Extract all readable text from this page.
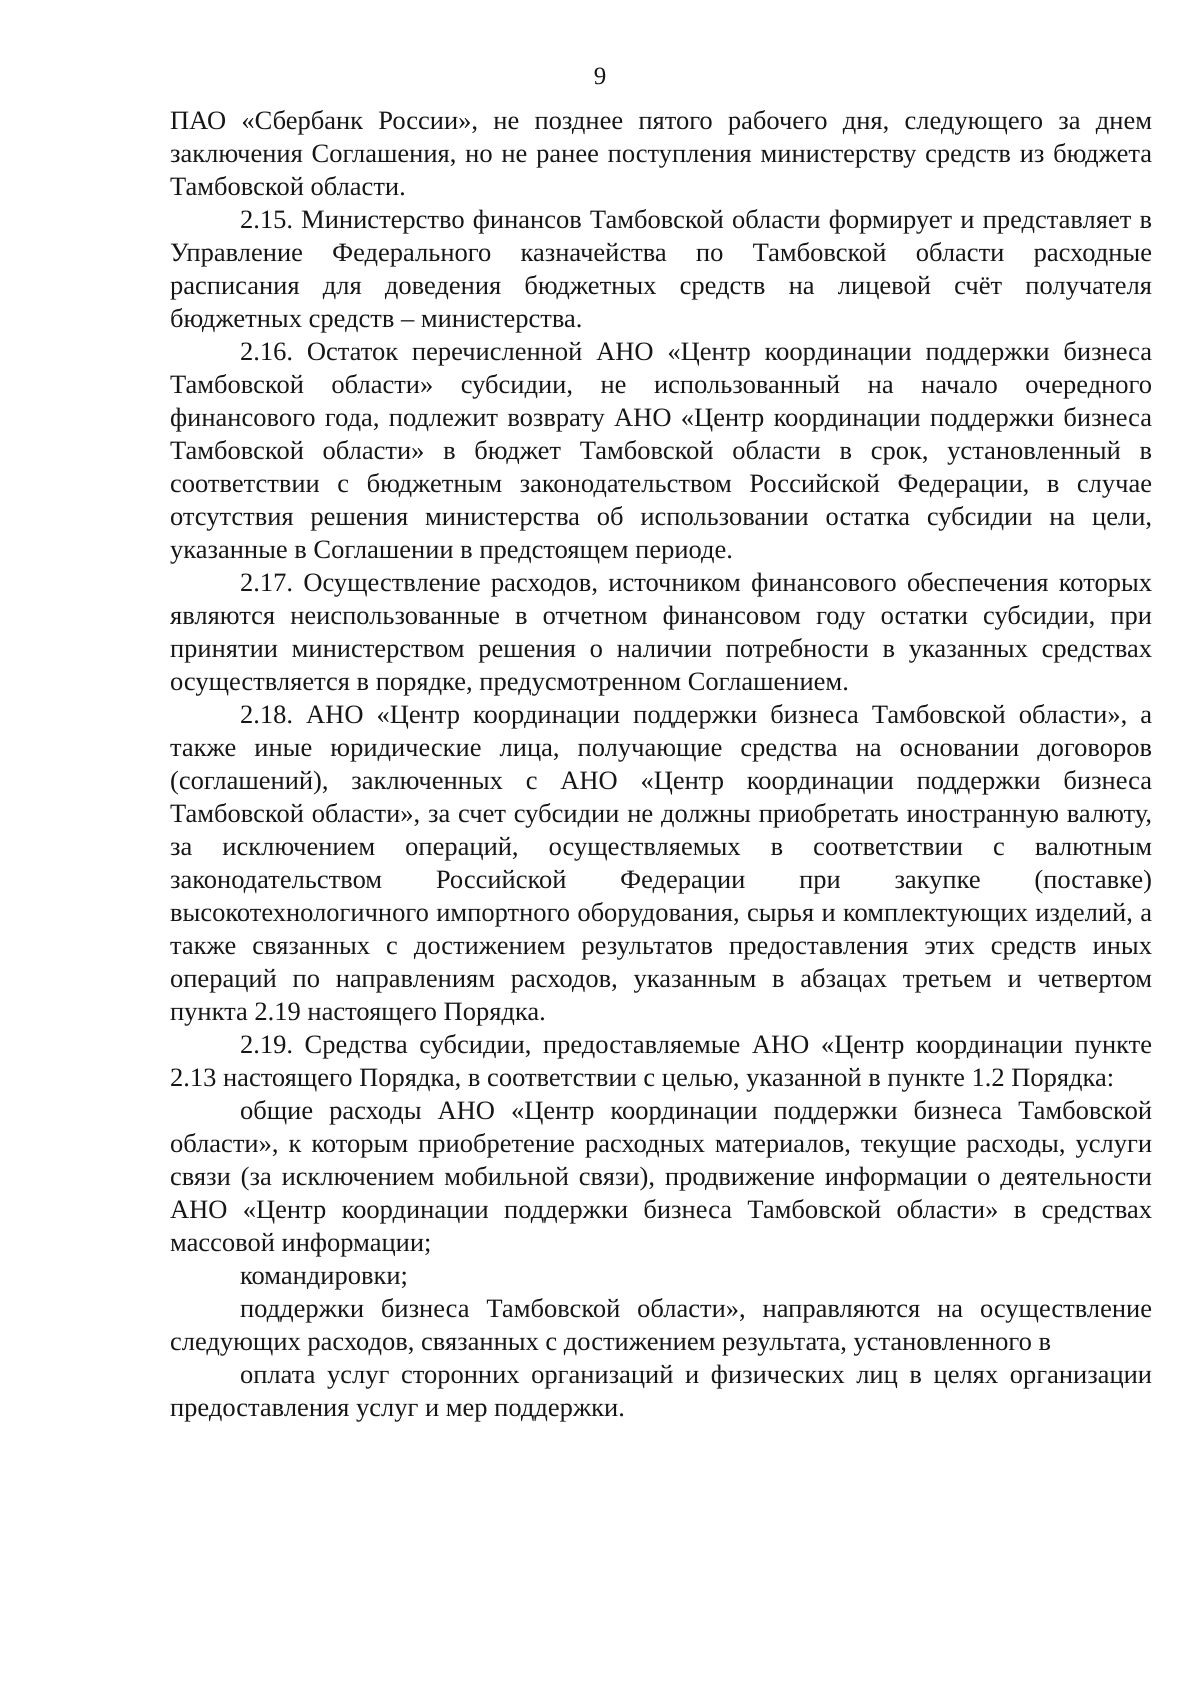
9

ПАО «Сбербанк России», не позднее пятого рабочего дня, следующего за днем заключения Соглашения, но не ранее поступления министерству средств из бюджета Тамбовской области.

2.15. Министерство финансов Тамбовской области формирует и представляет в Управление Федерального казначейства по Тамбовской области расходные расписания для доведения бюджетных средств на лицевой счёт получателя бюджетных средств – министерства.

2.16. Остаток перечисленной АНО «Центр координации поддержки бизнеса Тамбовской области» субсидии, не использованный на начало очередного финансового года, подлежит возврату АНО «Центр координации поддержки бизнеса Тамбовской области» в бюджет Тамбовской области в срок, установленный в соответствии с бюджетным законодательством Российской Федерации, в случае отсутствия решения министерства об использовании остатка субсидии на цели, указанные в Соглашении в предстоящем периоде.

2.17. Осуществление расходов, источником финансового обеспечения которых являются неиспользованные в отчетном финансовом году остатки субсидии, при принятии министерством решения о наличии потребности в указанных средствах осуществляется в порядке, предусмотренном Соглашением.

2.18. АНО «Центр координации поддержки бизнеса Тамбовской области», а также иные юридические лица, получающие средства на основании договоров (соглашений), заключенных с АНО «Центр координации поддержки бизнеса Тамбовской области», за счет субсидии не должны приобретать иностранную валюту, за исключением операций, осуществляемых в соответствии с валютным законодательством Российской Федерации при закупке (поставке) высокотехнологичного импортного оборудования, сырья и комплектующих изделий, а также связанных с достижением результатов предоставления этих средств иных операций по направлениям расходов, указанным в абзацах третьем и четвертом пункта 2.19 настоящего Порядка.

2.19. Средства субсидии, предоставляемые АНО «Центр координации пункте 2.13 настоящего Порядка, в соответствии с целью, указанной в пункте 1.2 Порядка:

общие расходы АНО «Центр координации поддержки бизнеса Тамбовской области», к которым приобретение расходных материалов, текущие расходы, услуги связи (за исключением мобильной связи), продвижение информации о деятельности АНО «Центр координации поддержки бизнеса Тамбовской области» в средствах массовой информации;

командировки;

поддержки бизнеса Тамбовской области», направляются на осуществление следующих расходов, связанных с достижением результата, установленного в

оплата услуг сторонних организаций и физических лиц в целях организации предоставления услуг и мер поддержки.
